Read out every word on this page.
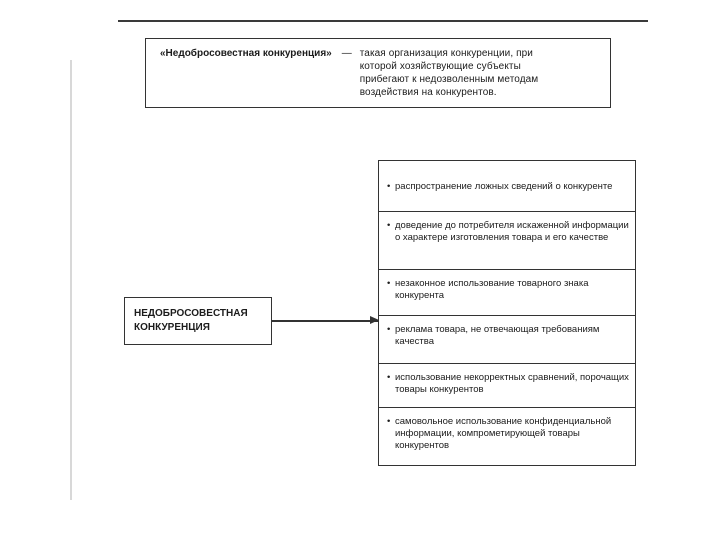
«Недобросовестная конкуренция» — такая организация конкуренции, при которой хозяйствующие субъекты прибегают к недозволенным методам воздействия на конкурентов.
НЕДОБРОСОВЕСТНАЯ КОНКУРЕНЦИЯ
• распространение ложных сведений о конкуренте
• доведение до потребителя искаженной информации о характере изготовления товара и его качестве
• незаконное использование товарного знака конкурента
• реклама товара, не отвечающая требованиям качества
• использование некорректных сравнений, порочащих товары конкурентов
• самовольное использование конфиденциальной информации, компрометирующей товары конкурентов
